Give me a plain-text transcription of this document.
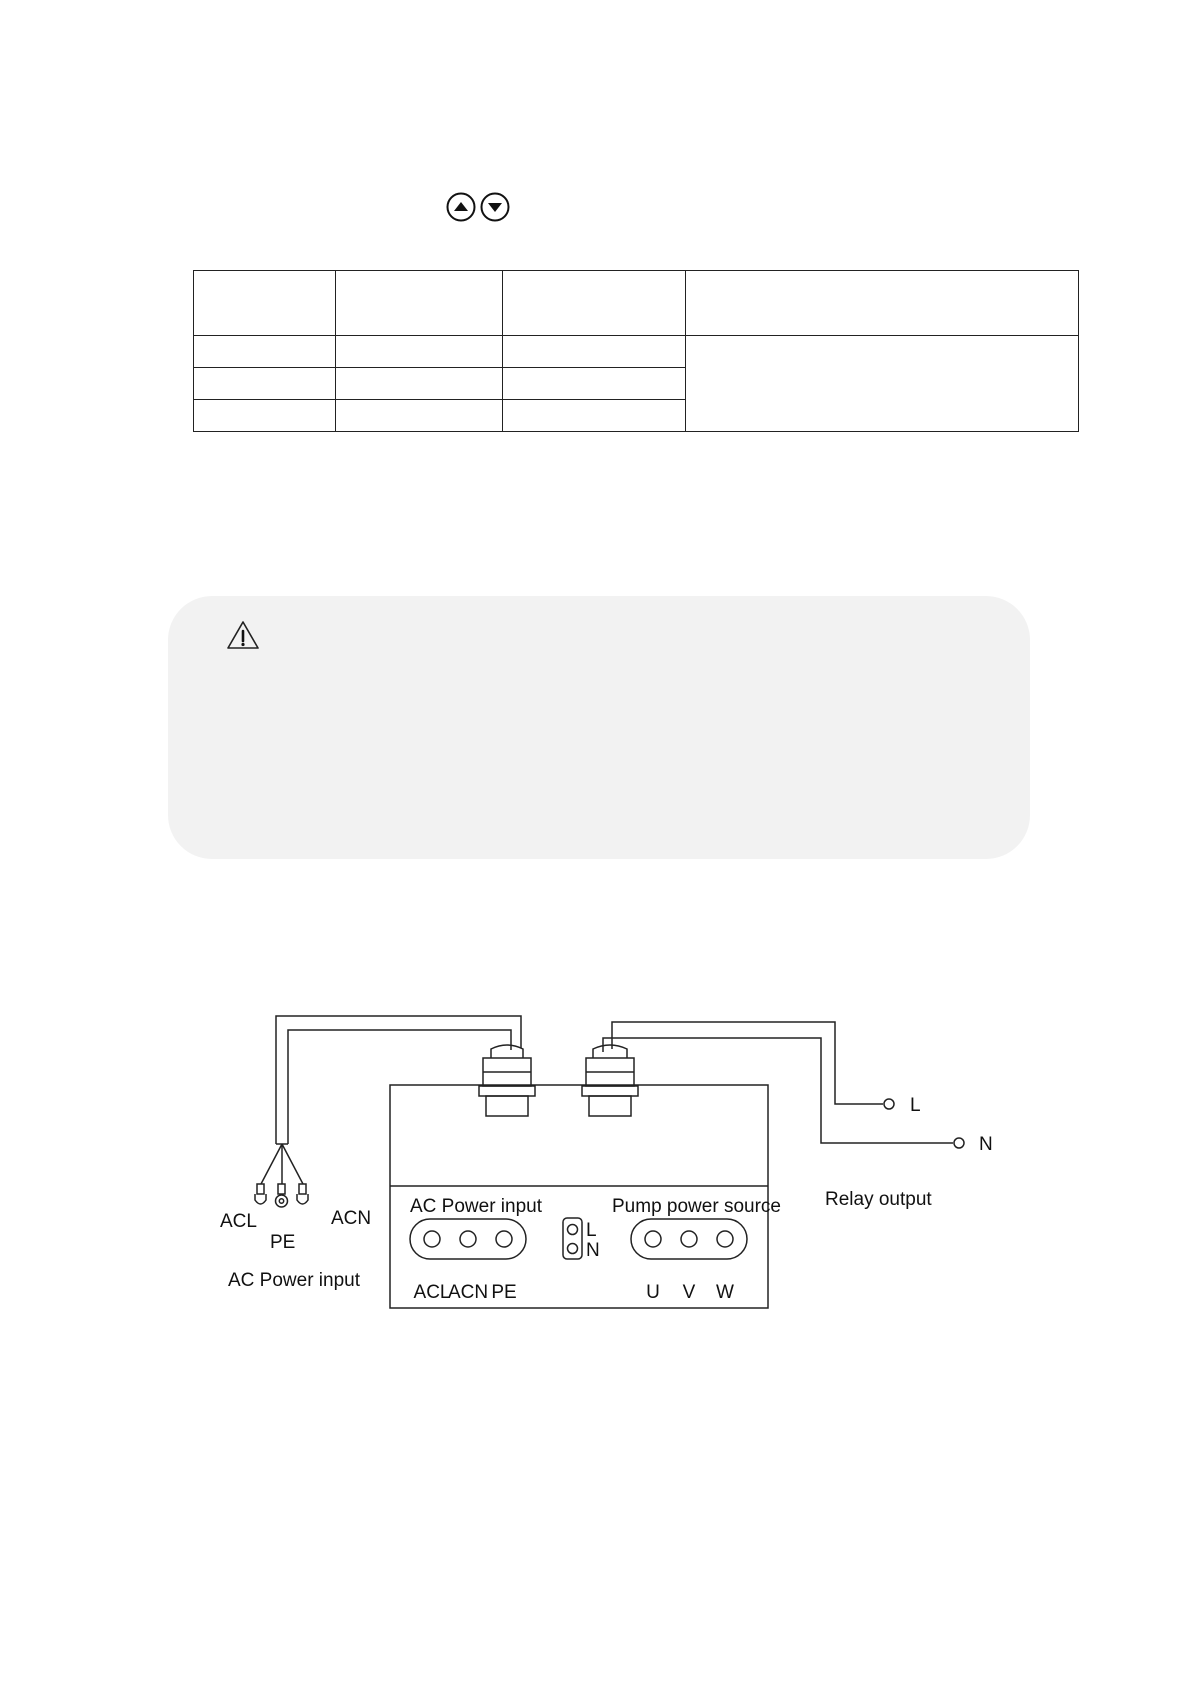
ACL
PE
ACN
AC Power input
L
N
Relay output
AC Power input
ACL
ACN PE
L
N
Pump power source
U V W
